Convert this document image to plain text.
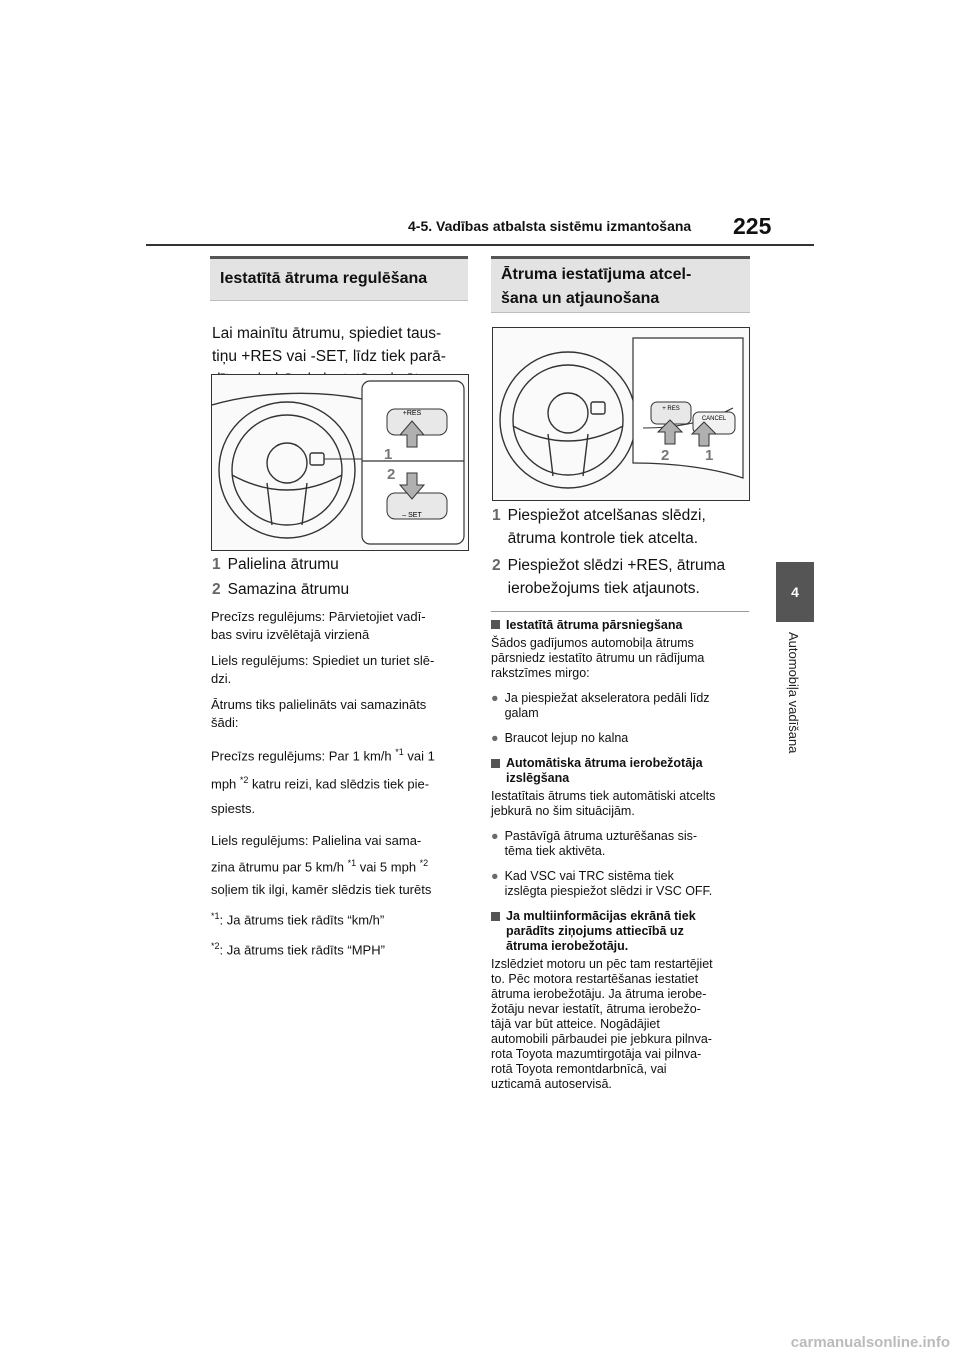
4-5. Vadības atbalsta sistēmu izmantošana 225
4
Automobiļa vadīšana
Iestatītā ātruma regulēšana
Lai mainītu ātrumu, spiediet taus-
tiņu +RES vai -SET, līdz tiek parā-
+RES
– SET
1
2
1 Palielina ātrumu
2 Samazina ātrumu
Precīzs regulējums: Pārvietojiet vadī-
bas sviru izvēlētajā virzienā
Liels regulējums: Spiediet un turiet slē-
dzi.
Ātrums tiks palielināts vai samazināts
šādi:
Precīzs regulējums: Par 1 km/h $^{*1}$ vai 1
mph $^{*2}$ katru reizi, kad slēdzis tiek pie-
spiests.
Liels regulējums: Palielina vai sama-
zina ātrumu par 5 km/h $^{*1}$ vai 5 mph $^{*2}$
soļiem tik ilgi, kamēr slēdzis tiek turēts
$^{*1}$: Ja ātrums tiek rādīts “km/h”
$^{*2}$: Ja ātrums tiek rādīts “MPH”
Ātruma iestatījuma atcel-
šana un atjaunošana
+ RES
CANCEL
2 1
1 Piespiežot atcelšanas slēdzi,
ātruma kontrole tiek atcelta.
2 Piespiežot slēdzi +RES, ātruma
ierobežojums tiek atjaunots.
Iestatītā ātruma pārsniegšana
Šādos gadījumos automobiļa ātrums
pārsniedz iestatīto ātrumu un rādījuma
rakstzīmes mirgo:
● Ja piespiežat akseleratora pedāli līdz
galam
● Braucot lejup no kalna
Automātiska ātruma ierobežotāja
izslēgšana
Iestatītais ātrums tiek automātiski atcelts
jebkurā no šim situācijām.
● Pastāvīgā ātruma uzturēšanas sis-
tēma tiek aktivēta.
● Kad VSC vai TRC sistēma tiek
izslēgta piespiežot slēdzi ir VSC OFF.
Ja multiinformācijas ekrānā tiek
parādīts ziņojums attiecībā uz
ātruma ierobežotāju.
Izslēdziet motoru un pēc tam restartējiet
to. Pēc motora restartēšanas iestatiet
ātruma ierobežotāju. Ja ātruma ierobe-
žotāju nevar iestatīt, ātruma ierobežo-
tājā var būt atteice. Nogādājiet
automobili pārbaudei pie jebkura pilnva-
rota Toyota mazumtirgotāja vai pilnva-
rotā Toyota remontdarbnīcā, vai
uzticamā autoservisā.
carmanualsonline.info
